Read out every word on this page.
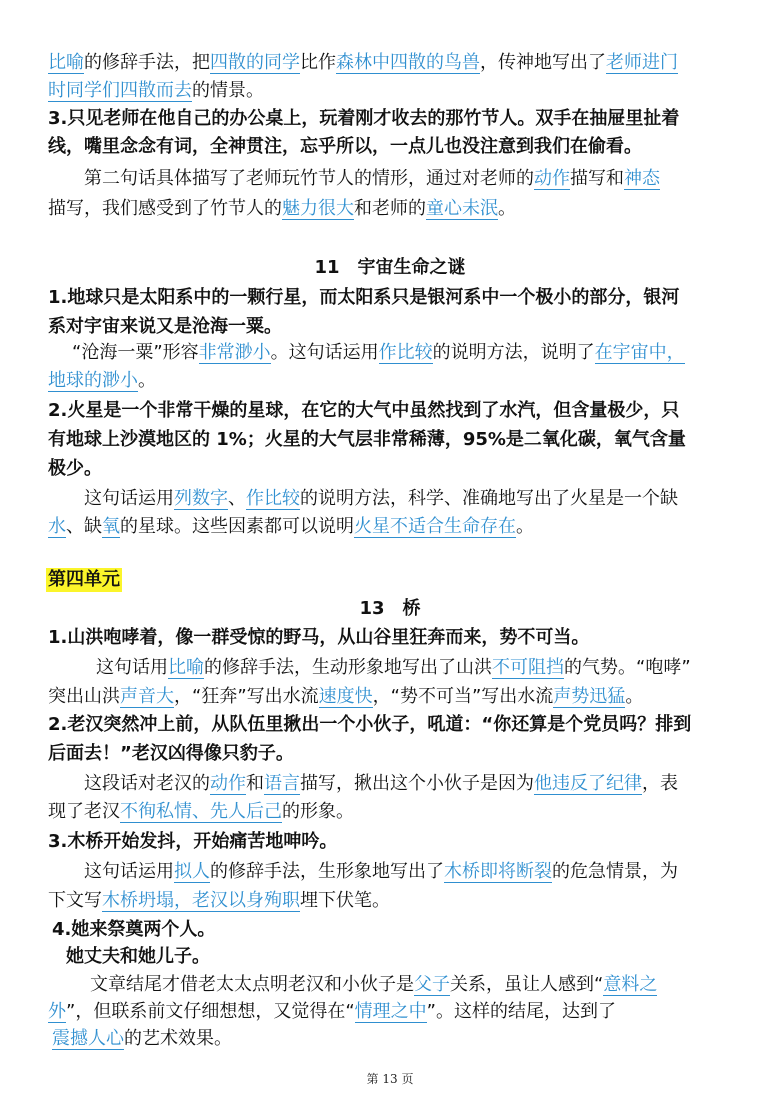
比喻的修辞手法，把四散的同学比作森林中四散的鸟兽，传神地写出了老师进门
时同学们四散而去的情景。
3.只见老师在他自己的办公桌上，玩着刚才收去的那竹节人。双手在抽屉里扯着
线，嘴里念念有词，全神贯注，忘乎所以，一点儿也没注意到我们在偷看。
第二句话具体描写了老师玩竹节人的情形，通过对老师的动作描写和神态
描写，我们感受到了竹节人的魅力很大和老师的童心未泯。
11　宇宙生命之谜
1.地球只是太阳系中的一颗行星，而太阳系只是银河系中一个极小的部分，银河
系对宇宙来说又是沧海一粟。
“沧海一粟”形容非常渺小。这句话运用作比较的说明方法，说明了在宇宙中，
地球的渺小。
2.火星是一个非常干燥的星球，在它的大气中虽然找到了水汽，但含量极少，只
有地球上沙漠地区的 1%；火星的大气层非常稀薄，95%是二氧化碳，氧气含量
极少。
这句话运用列数字、作比较的说明方法，科学、准确地写出了火星是一个缺
水、缺氧的星球。这些因素都可以说明火星不适合生命存在。
第四单元
13　桥
1.山洪咆哮着，像一群受惊的野马，从山谷里狂奔而来，势不可当。
这句话用比喻的修辞手法，生动形象地写出了山洪不可阻挡的气势。“咆哮”
突出山洪声音大，“狂奔”写出水流速度快，“势不可当”写出水流声势迅猛。
2.老汉突然冲上前，从队伍里揪出一个小伙子，吼道：“你还算是个党员吗？排到
后面去！”老汉凶得像只豹子。
这段话对老汉的动作和语言描写，揪出这个小伙子是因为他违反了纪律，表
现了老汉不徇私情、先人后己的形象。
3.木桥开始发抖，开始痛苦地呻吟。
这句话运用拟人的修辞手法，生形象地写出了木桥即将断裂的危急情景，为
下文写木桥坍塌，老汉以身殉职埋下伏笔。
4.她来祭奠两个人。
她丈夫和她儿子。
文章结尾才借老太太点明老汉和小伙子是父子关系，虽让人感到“意料之
外”，但联系前文仔细想想，又觉得在“情理之中”。这样的结尾，达到了
震撼人心的艺术效果。
第 13 页
